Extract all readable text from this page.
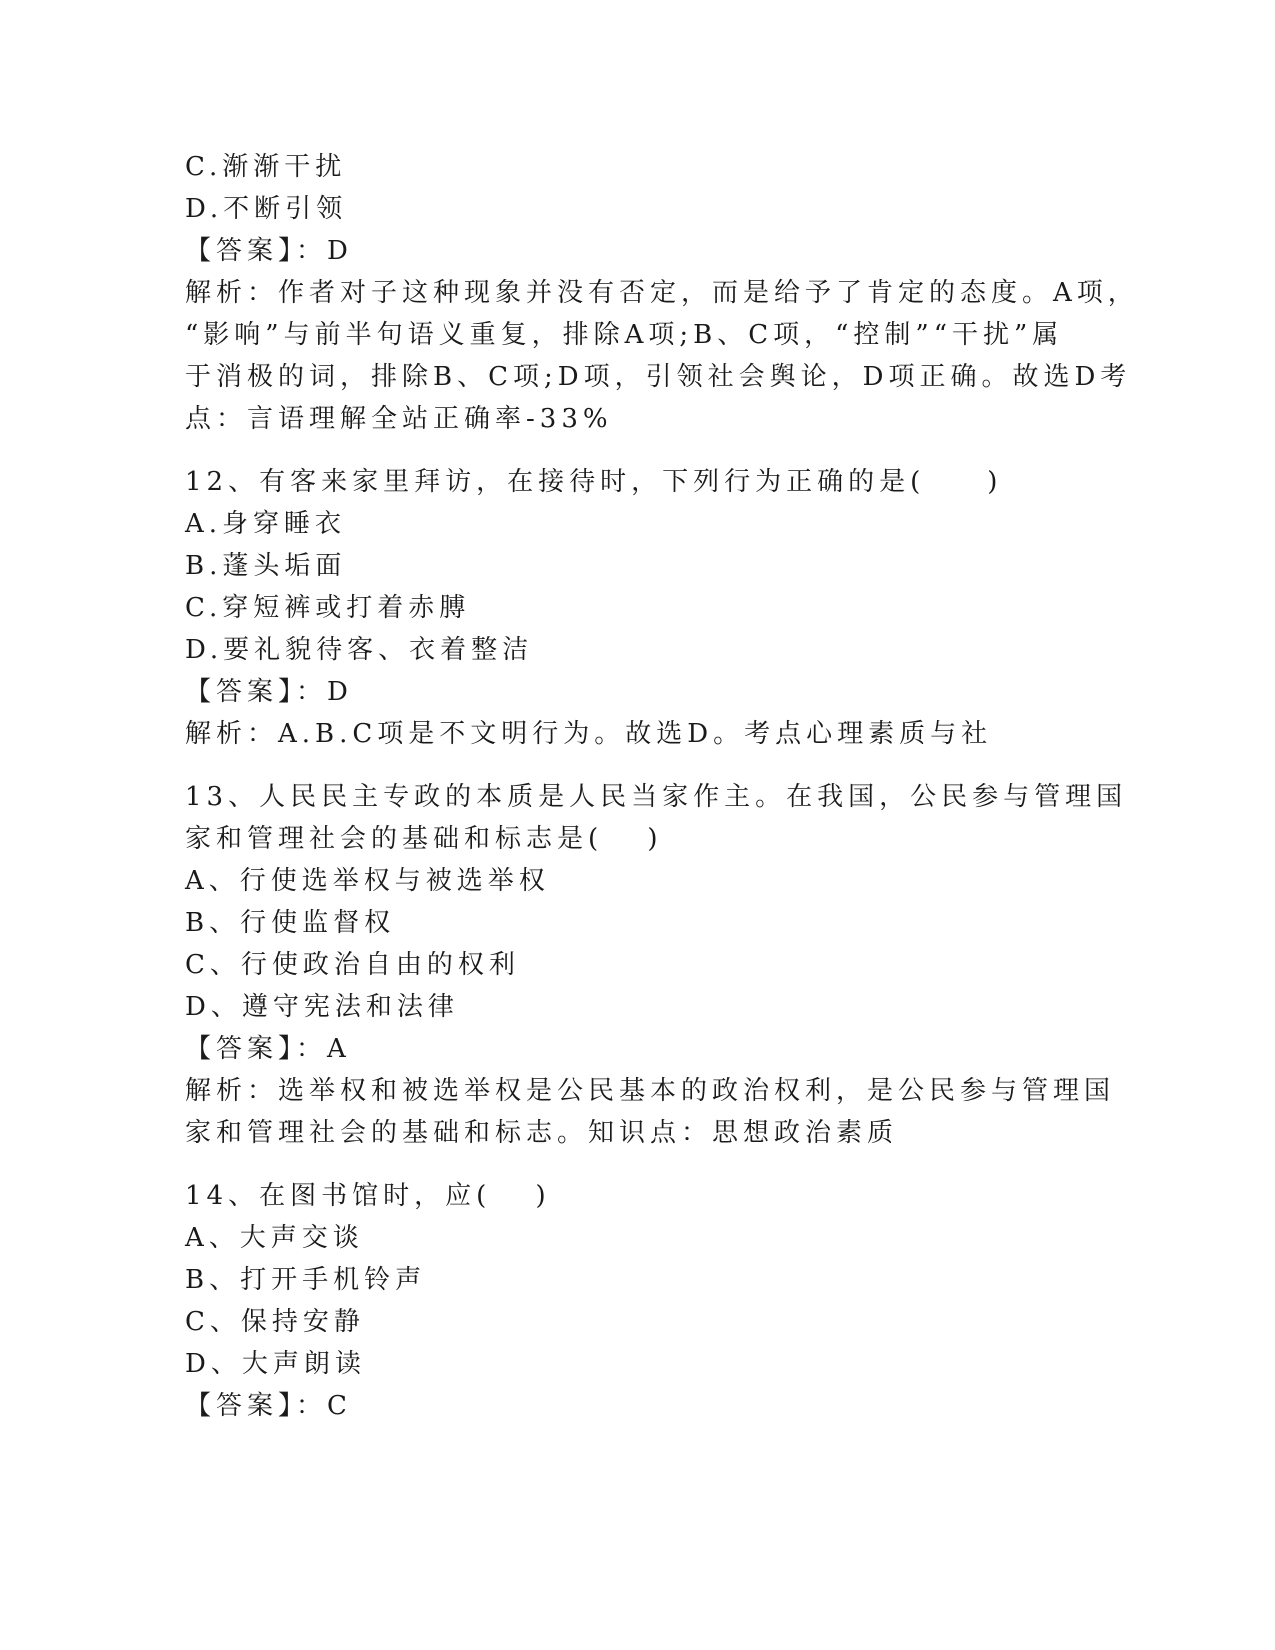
C.渐渐干扰
D.不断引领
【答案】：D
解析：作者对子这种现象并没有否定，而是给予了肯定的态度。A项，
“影响”与前半句语义重复，排除A项;B、C项，“控制”“干扰”属
于消极的词，排除B、C项;D项，引领社会舆论，D项正确。故选D考
点：言语理解全站正确率-33%
12、有客来家里拜访，在接待时，下列行为正确的是(　　)
A.身穿睡衣
B.蓬头垢面
C.穿短裤或打着赤膊
D.要礼貌待客、衣着整洁
【答案】：D
解析：A.B.C项是不文明行为。故选D。考点心理素质与社
13、人民民主专政的本质是人民当家作主。在我国，公民参与管理国
家和管理社会的基础和标志是(　 )
A、行使选举权与被选举权
B、行使监督权
C、行使政治自由的权利
D、遵守宪法和法律
【答案】：A
解析：选举权和被选举权是公民基本的政治权利，是公民参与管理国
家和管理社会的基础和标志。知识点：思想政治素质
14、在图书馆时，应(　 )
A、大声交谈
B、打开手机铃声
C、保持安静
D、大声朗读
【答案】：C
